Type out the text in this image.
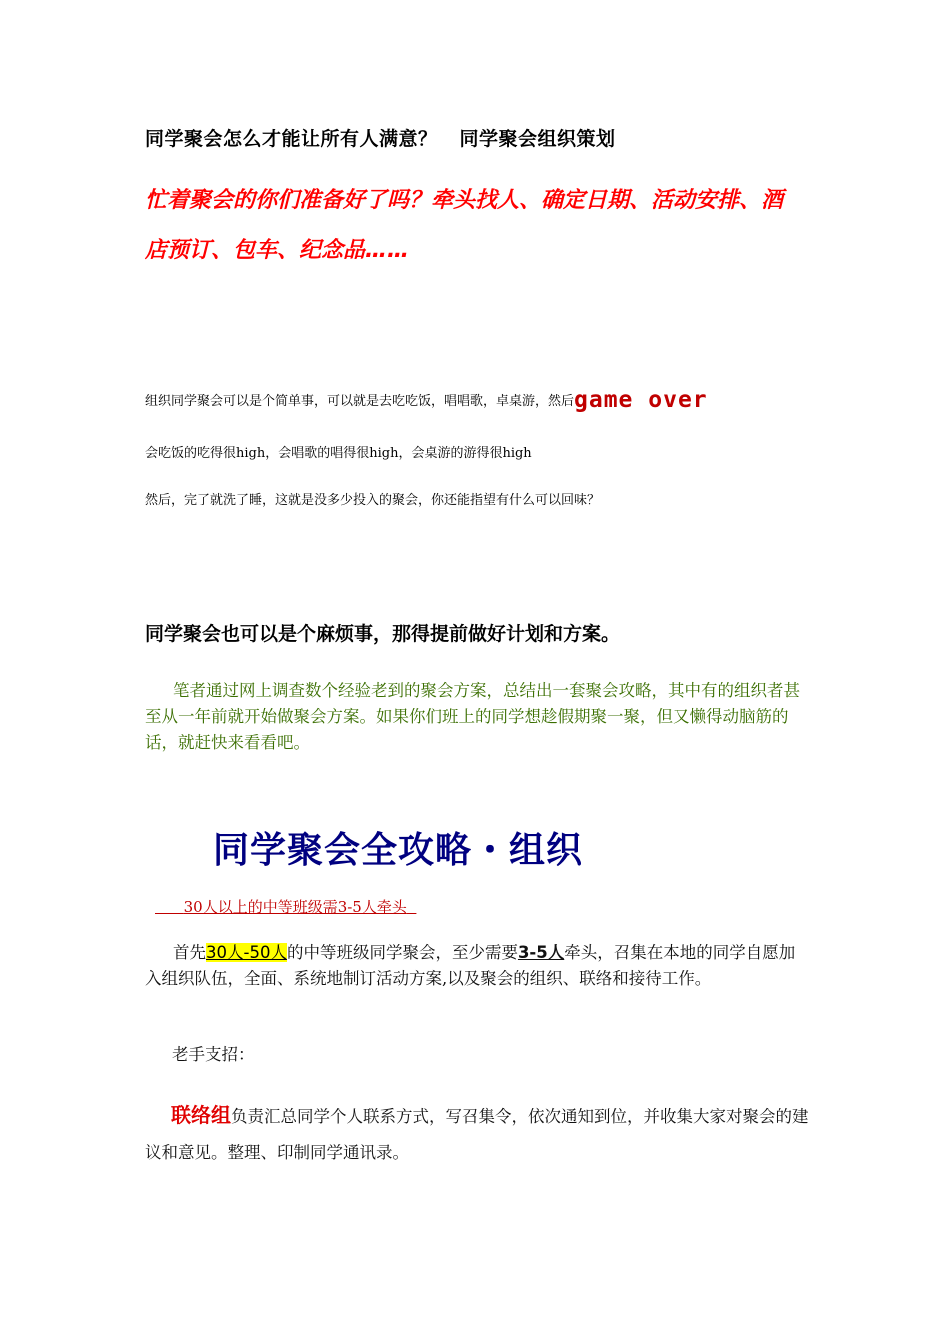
同学聚会怎么才能让所有人满意？ 同学聚会组织策划
忙着聚会的你们准备好了吗？牵头找人、确定日期、活动安排、酒
店预订、包车、纪念品……
组织同学聚会可以是个简单事，可以就是去吃吃饭，唱唱歌，卓桌游，然后game over
会吃饭的吃得很high，会唱歌的唱得很high，会桌游的游得很high
然后，完了就洗了睡，这就是没多少投入的聚会，你还能指望有什么可以回味？
同学聚会也可以是个麻烦事，那得提前做好计划和方案。
笔者通过网上调查数个经验老到的聚会方案，总结出一套聚会攻略，其中有的组织者甚至从一年前就开始做聚会方案。如果你们班上的同学想趁假期聚一聚，但又懒得动脑筋的话，就赶快来看看吧。
同学聚会全攻略・组织
30人以上的中等班级需3-5人牵头
首先30人-50人的中等班级同学聚会，至少需要3-5人牵头，召集在本地的同学自愿加入组织队伍，全面、系统地制订活动方案,以及聚会的组织、联络和接待工作。
老手支招：
联络组负责汇总同学个人联系方式，写召集令，依次通知到位，并收集大家对聚会的建议和意见。整理、印制同学通讯录。
